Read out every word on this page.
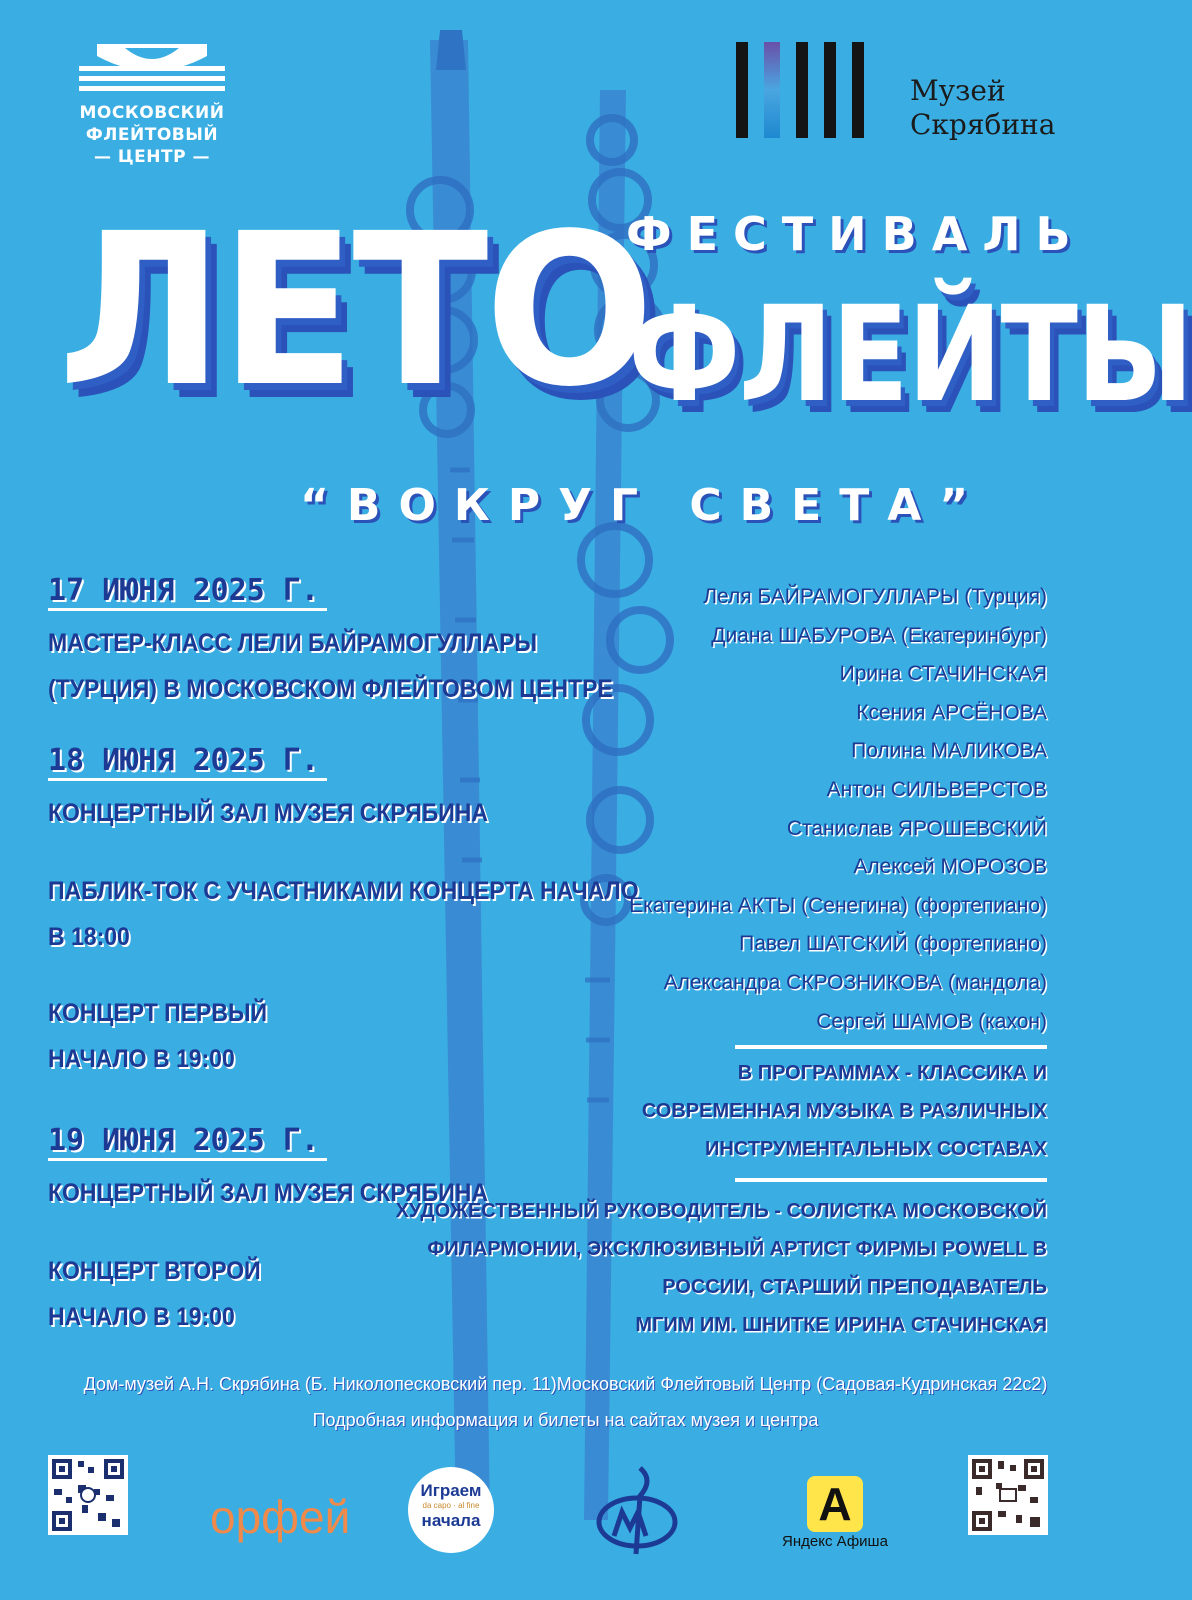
МОСКОВСКИЙ
ФЛЕЙТОВЫЙ
— ЦЕНТР —
Музей
Скрябина
ЛЕТО
ФЕСТИВАЛЬ
ФЛЕЙТЫ
“ВОКРУГ СВЕТА”
17 ИЮНЯ 2025 Г.
МАСТЕР-КЛАСС ЛЕЛИ БАЙРАМОГУЛЛАРЫ
(ТУРЦИЯ) В МОСКОВСКОМ ФЛЕЙТОВОМ ЦЕНТРЕ
18 ИЮНЯ 2025 Г.
КОНЦЕРТНЫЙ ЗАЛ МУЗЕЯ СКРЯБИНА
ПАБЛИК-ТОК С УЧАСТНИКАМИ КОНЦЕРТА НАЧАЛО
В 18:00
КОНЦЕРТ ПЕРВЫЙ
НАЧАЛО В 19:00
19 ИЮНЯ 2025 Г.
КОНЦЕРТНЫЙ ЗАЛ МУЗЕЯ СКРЯБИНА
КОНЦЕРТ ВТОРОЙ
НАЧАЛО В 19:00
Леля БАЙРАМОГУЛЛАРЫ (Турция)
Диана ШАБУРОВА (Екатеринбург)
Ирина СТАЧИНСКАЯ
Ксения АРСЁНОВА
Полина МАЛИКОВА
Антон СИЛЬВЕРСТОВ
Станислав ЯРОШЕВСКИЙ
Алексей МОРОЗОВ
Екатерина АКТЫ (Сенегина) (фортепиано)
Павел ШАТСКИЙ (фортепиано)
Александра СКРОЗНИКОВА (мандола)
Сергей ШАМОВ (кахон)
В ПРОГРАММАХ - КЛАССИКА И
СОВРЕМЕННАЯ МУЗЫКА В РАЗЛИЧНЫХ
ИНСТРУМЕНТАЛЬНЫХ СОСТАВАХ
ХУДОЖЕСТВЕННЫЙ РУКОВОДИТЕЛЬ - СОЛИСТКА МОСКОВСКОЙ
ФИЛАРМОНИИ, ЭКСКЛЮЗИВНЫЙ АРТИСТ ФИРМЫ POWELL В
РОССИИ, СТАРШИЙ ПРЕПОДАВАТЕЛЬ
МГИМ ИМ. ШНИТКЕ ИРИНА СТАЧИНСКАЯ
Дом-музей А.Н. Скрябина (Б. Николопесковский пер. 11)Московский Флейтовый Центр (Садовая-Кудринская 22с2)
Подробная информация и билеты на сайтах музея и центра
орфей
Играем
da capo · al fine
начала	А
Яндекс Афиша
